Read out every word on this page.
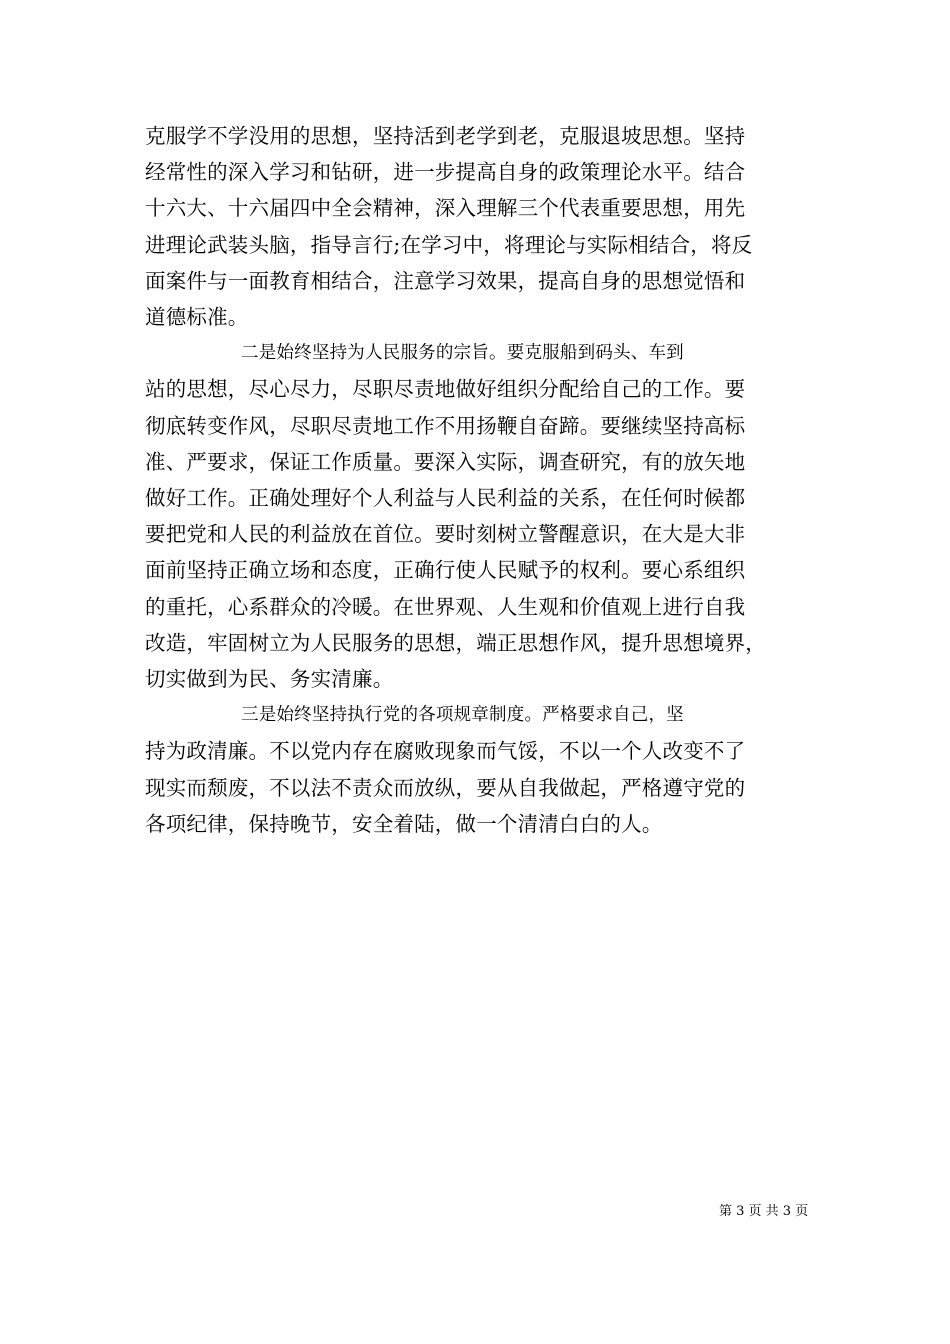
克服学不学没用的思想，坚持活到老学到老，克服退坡思想。坚持
经常性的深入学习和钻研，进一步提高自身的政策理论水平。结合
十六大、十六届四中全会精神，深入理解三个代表重要思想，用先
进理论武装头脑，指导言行;在学习中，将理论与实际相结合，将反
面案件与一面教育相结合，注意学习效果，提高自身的思想觉悟和
道德标准。
二是始终坚持为人民服务的宗旨。要克服船到码头、车到
站的思想，尽心尽力，尽职尽责地做好组织分配给自己的工作。要
彻底转变作风，尽职尽责地工作不用扬鞭自奋蹄。要继续坚持高标
准、严要求，保证工作质量。要深入实际，调查研究，有的放矢地
做好工作。正确处理好个人利益与人民利益的关系，在任何时候都
要把党和人民的利益放在首位。要时刻树立警醒意识，在大是大非
面前坚持正确立场和态度，正确行使人民赋予的权利。要心系组织
的重托，心系群众的冷暖。在世界观、人生观和价值观上进行自我
改造，牢固树立为人民服务的思想，端正思想作风，提升思想境界，
切实做到为民、务实清廉。
三是始终坚持执行党的各项规章制度。严格要求自己，坚
持为政清廉。不以党内存在腐败现象而气馁，不以一个人改变不了
现实而颓废，不以法不责众而放纵，要从自我做起，严格遵守党的
各项纪律，保持晚节，安全着陆，做一个清清白白的人。
第 3 页 共 3 页
